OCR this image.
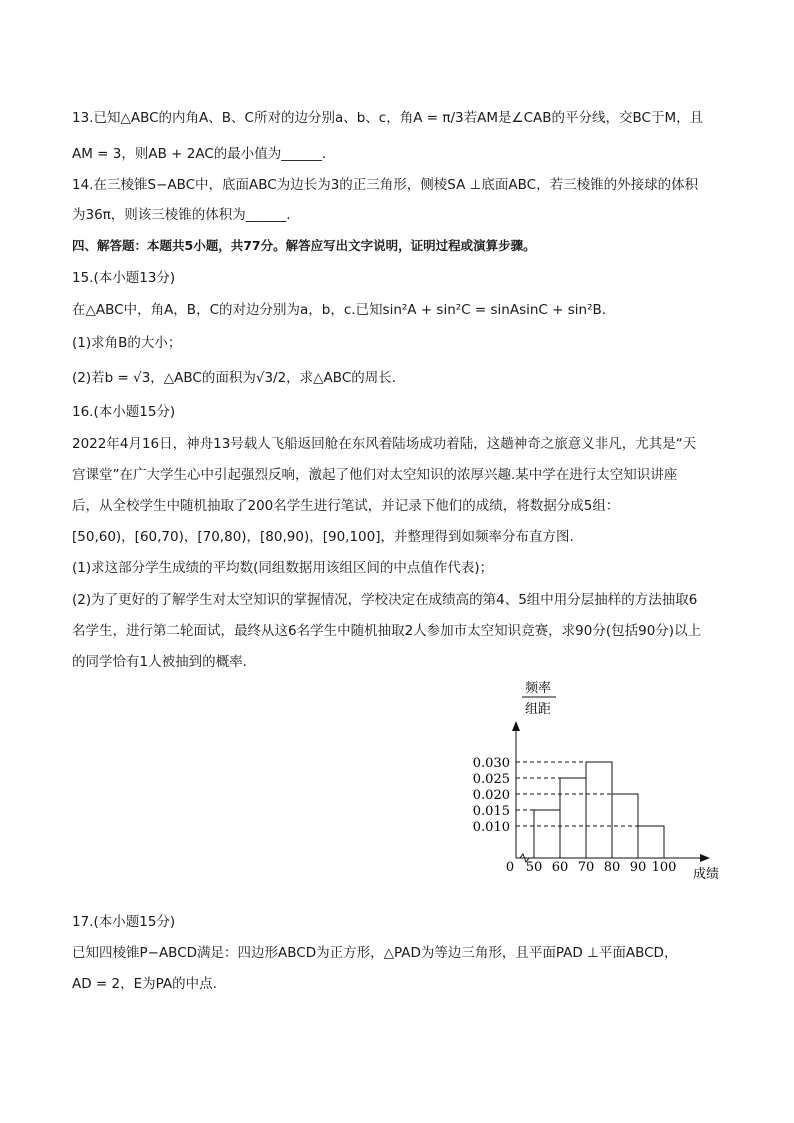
13.已知△ABC的内角A、B、C所对的边分别a、b、c，角A = π/3若AM是∠CAB的平分线，交BC于M，且
AM = 3，则AB + 2AC的最小值为______.
14.在三棱锥S−ABC中，底面ABC为边长为3的正三角形，侧棱SA ⊥底面ABC，若三棱锥的外接球的体积
为36π，则该三棱锥的体积为______.
四、解答题：本题共5小题，共77分。解答应写出文字说明，证明过程或演算步骤。
15.(本小题13分)
在△ABC中，角A，B，C的对边分别为a，b，c.已知sin²A + sin²C = sinAsinC + sin²B.
(1)求角B的大小；
(2)若b = √3，△ABC的面积为√3/2，求△ABC的周长.
16.(本小题15分)
2022年4月16日，神舟13号载人飞船返回舱在东风着陆场成功着陆，这趟神奇之旅意义非凡，尤其是“天
宫课堂”在广大学生心中引起强烈反响，激起了他们对太空知识的浓厚兴趣.某中学在进行太空知识讲座
后，从全校学生中随机抽取了200名学生进行笔试，并记录下他们的成绩，将数据分成5组：
[50,60)，[60,70)，[70,80)，[80,90)，[90,100]，并整理得到如频率分布直方图.
(1)求这部分学生成绩的平均数(同组数据用该组区间的中点值作代表)；
(2)为了更好的了解学生对太空知识的掌握情况，学校决定在成绩高的第4、5组中用分层抽样的方法抽取6
名学生，进行第二轮面试，最终从这6名学生中随机抽取2人参加市太空知识竞赛，求90分(包括90分)以上
的同学恰有1人被抽到的概率.
频率
组距
0.030
0.025
0.020
0.015
0.010
0 50 60 70 80 90 100 成绩
17.(本小题15分)
已知四棱锥P−ABCD满足：四边形ABCD为正方形，△PAD为等边三角形，且平面PAD ⊥平面ABCD，
AD = 2，E为PA的中点.
